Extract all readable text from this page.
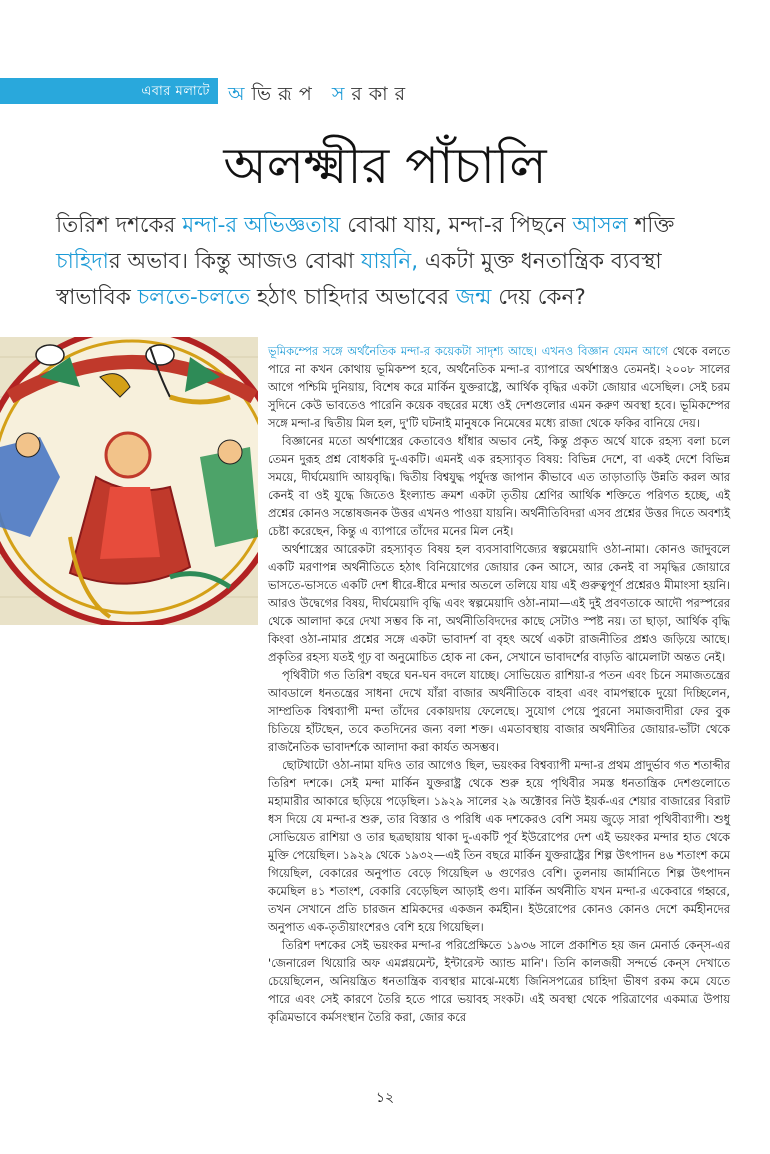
এবার মলাটে অভিরূপ সরকার
অলক্ষ্মীর পাঁচালি
তিরিশ দশকের মন্দা-র অভিজ্ঞতায় বোঝা যায়, মন্দা-র পিছনে আসল শক্তি চাহিদার অভাব। কিন্তু আজও বোঝা যায়নি, একটা মুক্ত ধনতান্ত্রিক ব্যবস্থা স্বাভাবিক চলতে-চলতে হঠাৎ চাহিদার অভাবের জন্ম দেয় কেন?

ভূমিকম্পের সঙ্গে অর্থনৈতিক মন্দা-র কয়েকটা সাদৃশ্য আছে। এখনও বিজ্ঞান যেমন আগে থেকে বলতে পারে না কখন কোথায় ভূমিকম্প হবে, অর্থনৈতিক মন্দা-র ব্যাপারে অর্থশাস্ত্রও তেমনই। ২০০৮ সালের আগে পশ্চিমি দুনিয়ায়, বিশেষ করে মার্কিন যুক্তরাষ্ট্রে, আর্থিক বৃদ্ধির একটা জোয়ার এসেছিল। সেই চরম সুদিনে কেউ ভাবতেও পারেনি কয়েক বছরের মধ্যে ওই দেশগুলোর এমন করুণ অবস্থা হবে। ভূমিকম্পের সঙ্গে মন্দা-র দ্বিতীয় মিল হল, দু'টি ঘটনাই মানুষকে নিমেষের মধ্যে রাজা থেকে ফকির বানিয়ে দেয়।

বিজ্ঞানের মতো অর্থশাস্ত্রের কেতাবেও ধাঁধার অভাব নেই, কিন্তু প্রকৃত অর্থে যাকে রহস্য বলা চলে তেমন দুরূহ প্রশ্ন বোধকরি দু-একটি। এমনই এক রহস্যাবৃত বিষয়: বিভিন্ন দেশে, বা একই দেশে বিভিন্ন সময়ে, দীর্ঘমেয়াদি আয়বৃদ্ধি। দ্বিতীয় বিশ্বযুদ্ধ পর্যুদস্ত জাপান কীভাবে এত তাড়াতাড়ি উন্নতি করল আর কেনই বা ওই যুদ্ধে জিতেও ইংল্যান্ড ক্রমশ একটা তৃতীয় শ্রেণির আর্থিক শক্তিতে পরিণত হচ্ছে, এই প্রশ্নের কোনও সন্তোষজনক উত্তর এখনও পাওয়া যায়নি। অর্থনীতিবিদরা এসব প্রশ্নের উত্তর দিতে অবশ্যই চেষ্টা করেছেন, কিন্তু এ ব্যাপারে তাঁদের মনের মিল নেই।

অর্থশাস্ত্রের আরেকটা রহস্যাবৃত বিষয় হল ব্যবসাবাণিজ্যের স্বল্পমেয়াদি ওঠা-নামা। কোনও জাদুবলে একটি মরণাপন্ন অর্থনীতিতে হঠাৎ বিনিয়োগের জোয়ার কেন আসে, আর কেনই বা সমৃদ্ধির জোয়ারে ভাসতে-ভাসতে একটি দেশ ধীরে-ধীরে মন্দার অতলে তলিয়ে যায় এই গুরুত্বপূর্ণ প্রশ্নেরও মীমাংসা হয়নি। আরও উদ্বেগের বিষয়, দীর্ঘমেয়াদি বৃদ্ধি এবং স্বল্পমেয়াদি ওঠা-নামা—এই দুই প্রবণতাকে আদৌ পরস্পরের থেকে আলাদা করে দেখা সম্ভব কি না, অর্থনীতিবিদদের কাছে সেটাও স্পষ্ট নয়। তা ছাড়া, আর্থিক বৃদ্ধি কিংবা ওঠা-নামার প্রশ্নের সঙ্গে একটা ভাবাদর্শ বা বৃহৎ অর্থে একটা রাজনীতির প্রশ্নও জড়িয়ে আছে। প্রকৃতির রহস্য যতই গূঢ় বা অনুমোচিত হোক না কেন, সেখানে ভাবাদর্শের বাড়তি ঝামেলাটা অন্তত নেই।

পৃথিবীটা গত তিরিশ বছরে ঘন-ঘন বদলে যাচ্ছে। সোভিয়েত রাশিয়া-র পতন এবং চিনে সমাজতন্ত্রের আবডালে ধনতন্ত্রের সাধনা দেখে যাঁরা বাজার অর্থনীতিকে বাহবা এবং বামপন্থাকে দুয়ো দিচ্ছিলেন, সাম্প্রতিক বিশ্বব্যাপী মন্দা তাঁদের বেকায়দায় ফেলেছে। সুযোগ পেয়ে পুরনো সমাজবাদীরা ফের বুক চিতিয়ে হাঁটছেন, তবে কতদিনের জন্য বলা শক্ত। এমতাবস্থায় বাজার অর্থনীতির জোয়ার-ভাঁটা থেকে রাজনৈতিক ভাবাদর্শকে আলাদা করা কার্যত অসম্ভব।

ছোটখাটো ওঠা-নামা যদিও তার আগেও ছিল, ভয়ংকর বিশ্বব্যাপী মন্দা-র প্রথম প্রাদুর্ভাব গত শতাব্দীর তিরিশ দশকে। সেই মন্দা মার্কিন যুক্তরাষ্ট্র থেকে শুরু হয়ে পৃথিবীর সমস্ত ধনতান্ত্রিক দেশগুলোতে মহামারীর আকারে ছড়িয়ে পড়েছিল। ১৯২৯ সালের ২৯ অক্টোবর নিউ ইয়র্ক-এর শেয়ার বাজারের বিরাট ধস দিয়ে যে মন্দা-র শুরু, তার বিস্তার ও পরিধি এক দশকেরও বেশি সময় জুড়ে সারা পৃথিবীব্যাপী। শুধু সোভিয়েত রাশিয়া ও তার ছত্রছায়ায় থাকা দু-একটি পূর্ব ইউরোপের দেশ এই ভয়ংকর মন্দার হাত থেকে মুক্তি পেয়েছিল। ১৯২৯ থেকে ১৯৩২—এই তিন বছরে মার্কিন যুক্তরাষ্ট্রের শিল্প উৎপাদন ৪৬ শতাংশ কমে গিয়েছিল, বেকারের অনুপাত বেড়ে গিয়েছিল ৬ গুণেরও বেশি। তুলনায় জার্মানিতে শিল্প উৎপাদন কমেছিল ৪১ শতাংশ, বেকারি বেড়েছিল আড়াই গুণ। মার্কিন অর্থনীতি যখন মন্দা-র একেবারে গহ্বরে, তখন সেখানে প্রতি চারজন শ্রমিকদের একজন কর্মহীন। ইউরোপের কোনও কোনও দেশে কর্মহীনদের অনুপাত এক-তৃতীয়াংশেরও বেশি হয়ে গিয়েছিল।

তিরিশ দশকের সেই ভয়ংকর মন্দা-র পরিপ্রেক্ষিতে ১৯৩৬ সালে প্রকাশিত হয় জন মেনার্ড কেন্‌স-এর 'জেনারেল থিয়োরি অফ এমপ্লয়মেন্ট, ইন্টারেস্ট অ্যান্ড মানি'। তিনি কালজয়ী সন্দর্ভে কেন্‌স দেখাতে চেয়েছিলেন, অনিয়ন্ত্রিত ধনতান্ত্রিক ব্যবস্থার মাঝে-মধ্যে জিনিসপত্রের চাহিদা ভীষণ রকম কমে যেতে পারে এবং সেই কারণে তৈরি হতে পারে ভয়াবহ সংকট। এই অবস্থা থেকে পরিত্রাণের একমাত্র উপায় কৃত্রিমভাবে কর্মসংস্থান তৈরি করা, জোর করে

১২
